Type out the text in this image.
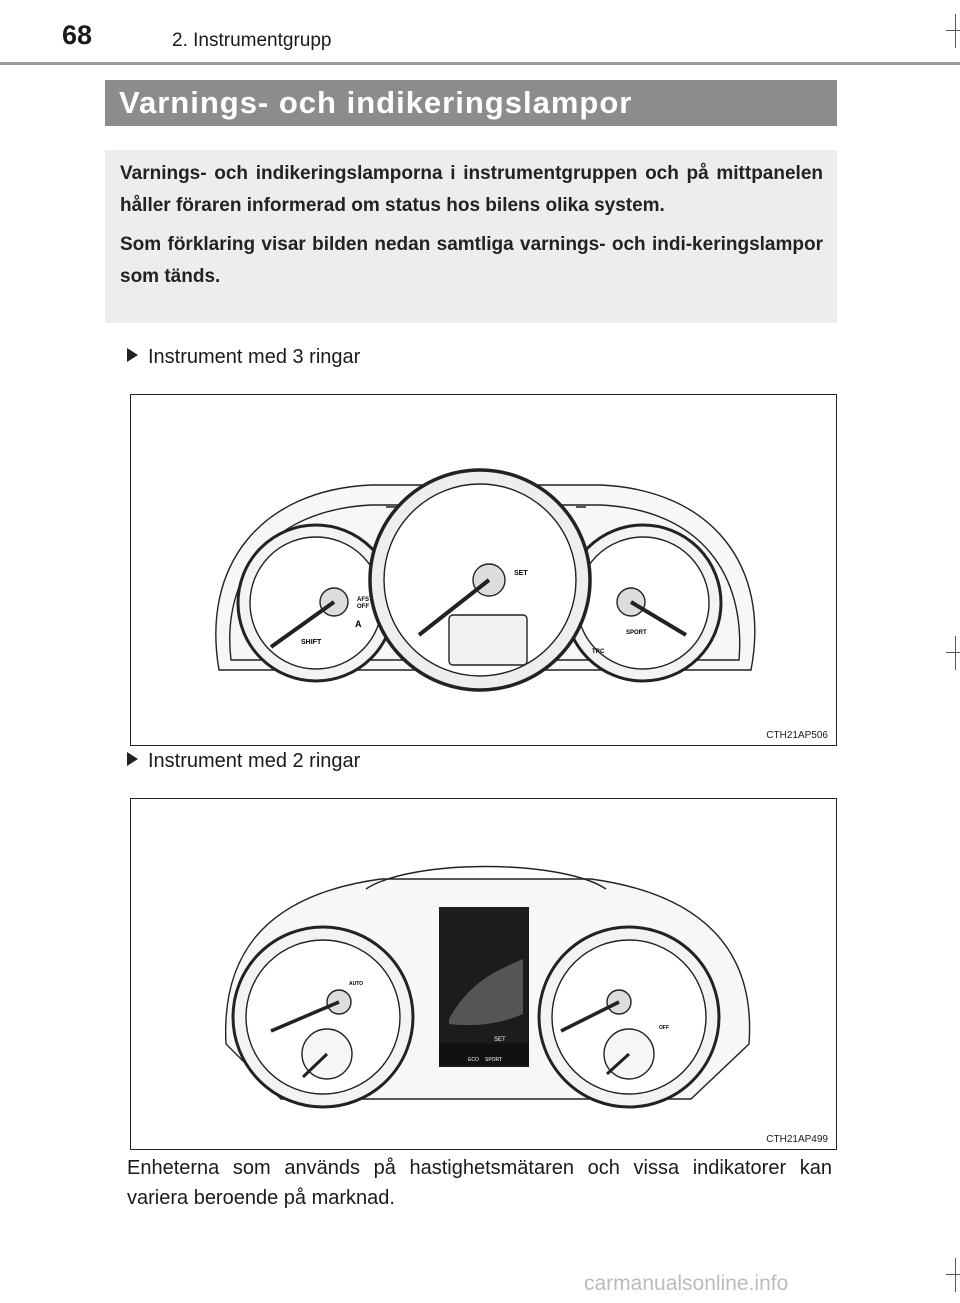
68	2. Instrumentgrupp
Varnings- och indikeringslampor

Varnings- och indikeringslamporna i instrumentgruppen och på mittpanelen håller föraren informerad om status hos bilens olika system.

Som förklaring visar bilden nedan samtliga varnings- och indi-keringslampor som tänds.

Instrument med 3 ringar
SHIFT
AFS
OFF
SET
SPORT
TRC
A
CTH21AP506
Instrument med 2 ringar
SET
SPORT
ECO
AUTO
OFF
CTH21AP499
Enheterna som används på hastighetsmätaren och vissa indikatorer kan variera beroende på marknad.
carmanualsonline.info
